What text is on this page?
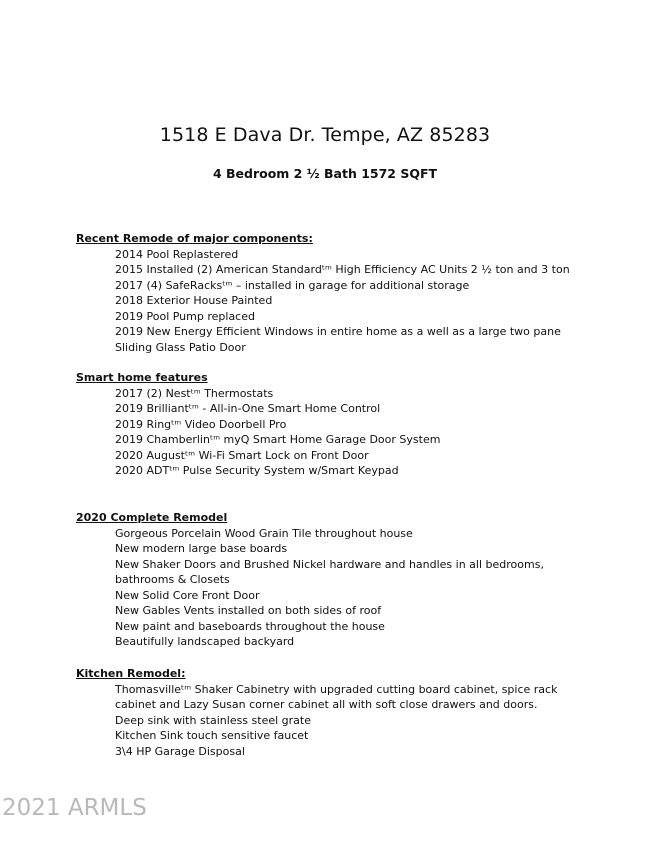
1518 E Dava Dr. Tempe, AZ 85283
4 Bedroom 2 ½ Bath 1572 SQFT
Recent Remode of major components:
2014 Pool Replastered
2015 Installed (2) American Standardᵗᵐ High Efficiency AC Units 2 ½ ton and 3 ton
2017 (4) SafeRacksᵗᵐ – installed in garage for additional storage
2018 Exterior House Painted
2019 Pool Pump replaced
2019 New Energy Efficient Windows in entire home as a well as a large two pane Sliding Glass Patio Door
Smart home features
2017 (2) Nestᵗᵐ Thermostats
2019 Brilliantᵗᵐ - All-in-One Smart Home Control
2019 Ringᵗᵐ Video Doorbell Pro
2019 Chamberlinᵗᵐ myQ Smart Home Garage Door System
2020 Augustᵗᵐ Wi-Fi Smart Lock on Front Door
2020 ADTᵗᵐ Pulse Security System w/Smart Keypad
2020 Complete Remodel
Gorgeous Porcelain Wood Grain Tile throughout house
New modern large base boards
New Shaker Doors and Brushed Nickel hardware and handles in all bedrooms, bathrooms & Closets
New Solid Core Front Door
New Gables Vents installed on both sides of roof
New paint and baseboards throughout the house
Beautifully landscaped backyard
Kitchen Remodel:
Thomasvilleᵗᵐ Shaker Cabinetry with upgraded cutting board cabinet, spice rack cabinet and Lazy Susan corner cabinet all with soft close drawers and doors.
Deep sink with stainless steel grate
Kitchen Sink touch sensitive faucet
3\4 HP Garage Disposal
2021 ARMLS
